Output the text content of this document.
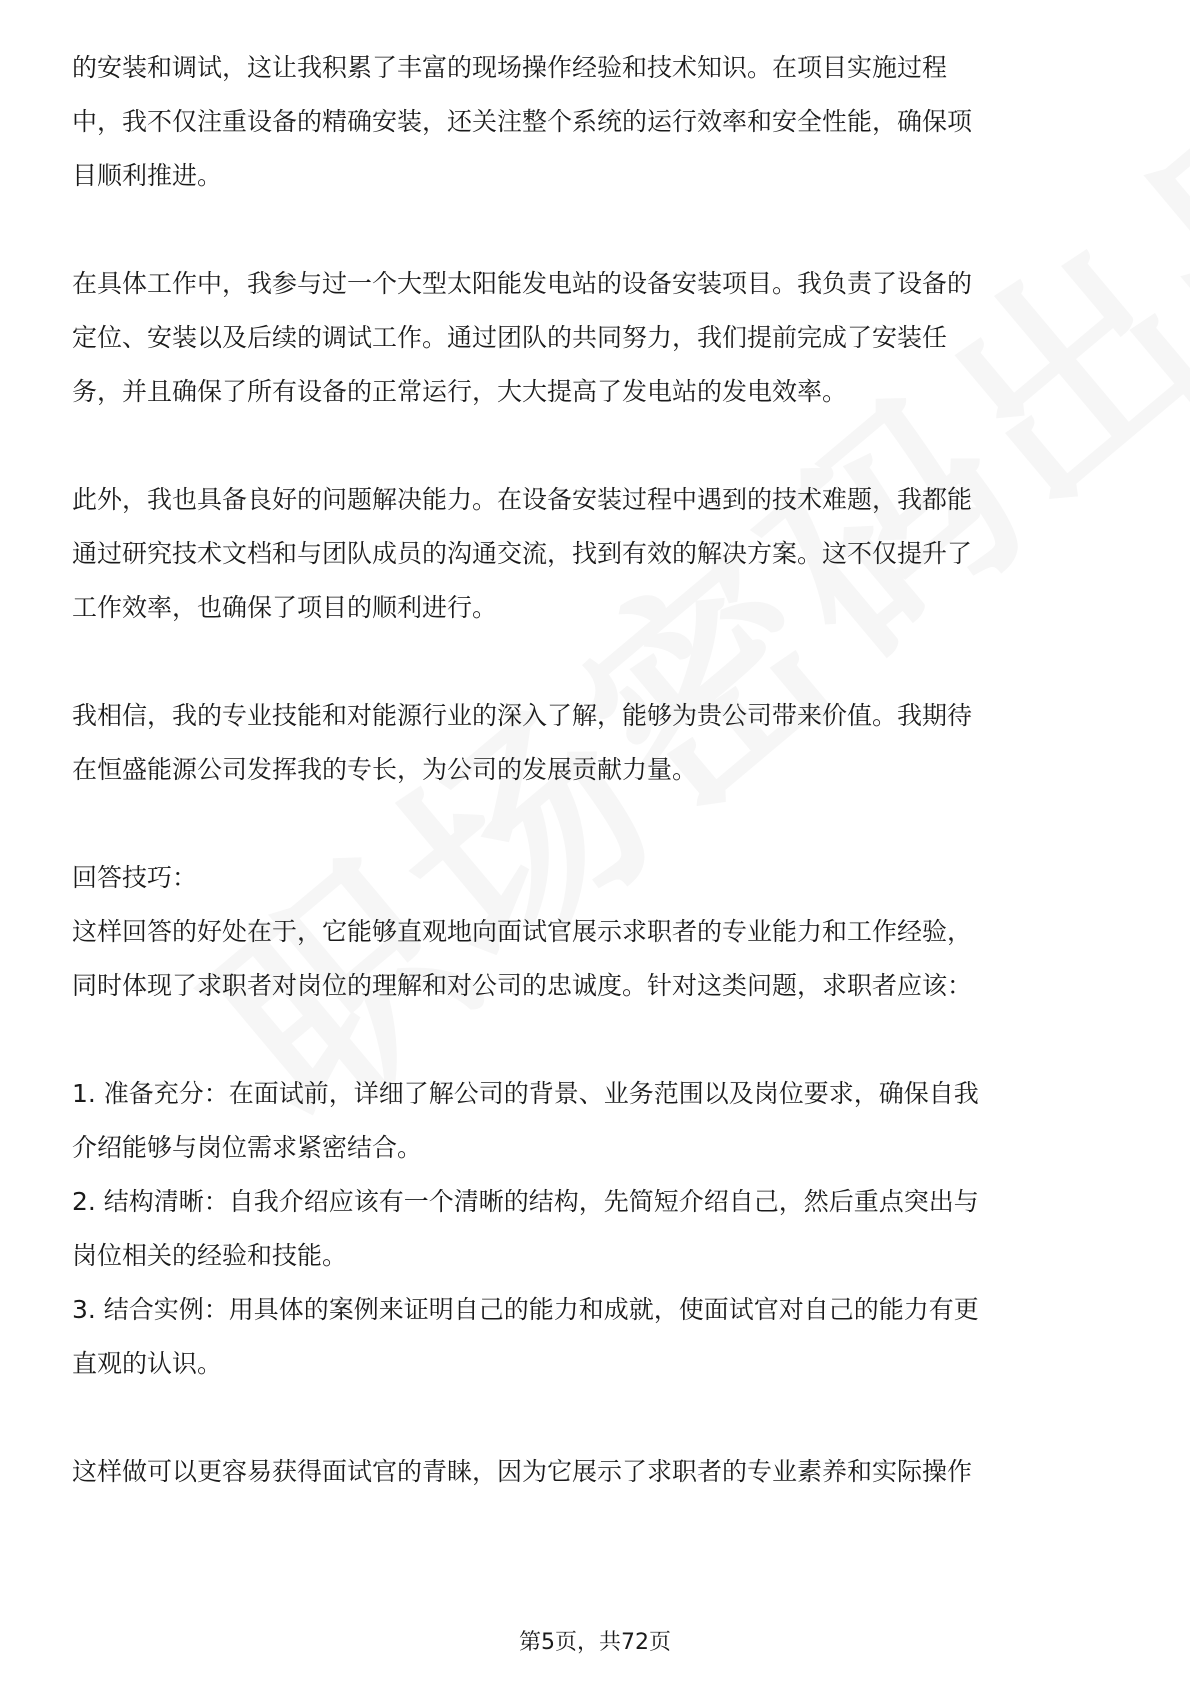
的安装和调试，这让我积累了丰富的现场操作经验和技术知识。在项目实施过程
中，我不仅注重设备的精确安装，还关注整个系统的运行效率和安全性能，确保项
目顺利推进。
在具体工作中，我参与过一个大型太阳能发电站的设备安装项目。我负责了设备的
定位、安装以及后续的调试工作。通过团队的共同努力，我们提前完成了安装任
务，并且确保了所有设备的正常运行，大大提高了发电站的发电效率。
此外，我也具备良好的问题解决能力。在设备安装过程中遇到的技术难题，我都能
通过研究技术文档和与团队成员的沟通交流，找到有效的解决方案。这不仅提升了
工作效率，也确保了项目的顺利进行。
我相信，我的专业技能和对能源行业的深入了解，能够为贵公司带来价值。我期待
在恒盛能源公司发挥我的专长，为公司的发展贡献力量。
回答技巧：
这样回答的好处在于，它能够直观地向面试官展示求职者的专业能力和工作经验，
同时体现了求职者对岗位的理解和对公司的忠诚度。针对这类问题，求职者应该：
1. 准备充分：在面试前，详细了解公司的背景、业务范围以及岗位要求，确保自我
介绍能够与岗位需求紧密结合。
2. 结构清晰：自我介绍应该有一个清晰的结构，先简短介绍自己，然后重点突出与
岗位相关的经验和技能。
3. 结合实例：用具体的案例来证明自己的能力和成就，使面试官对自己的能力有更
直观的认识。
这样做可以更容易获得面试官的青睐，因为它展示了求职者的专业素养和实际操作
第5页，共72页
